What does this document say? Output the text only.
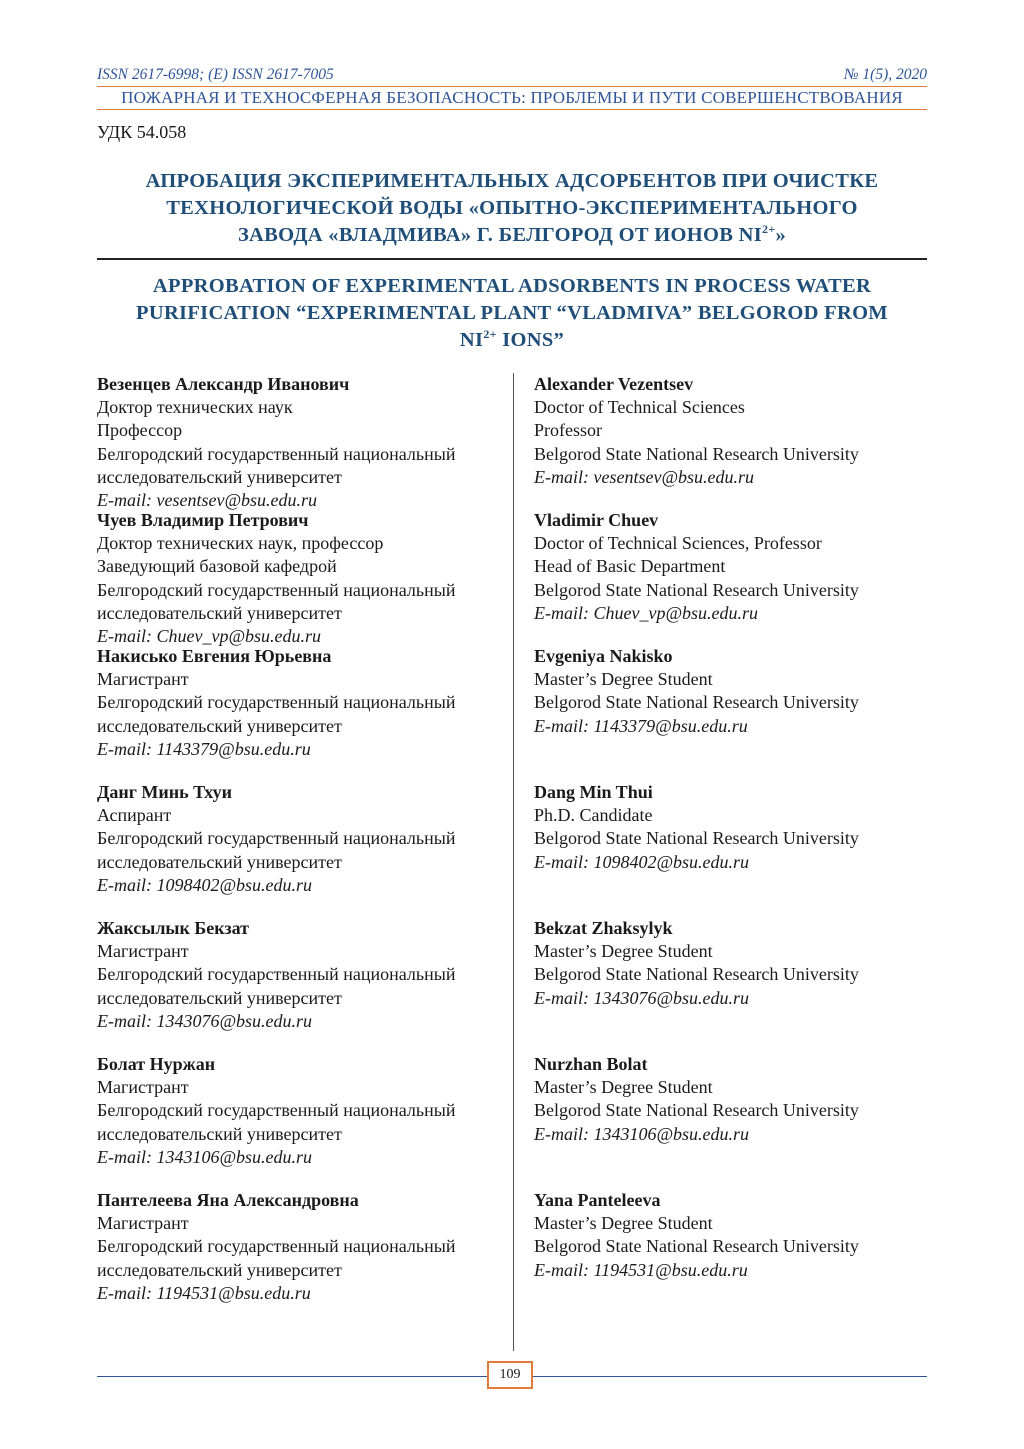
ISSN 2617-6998; (E) ISSN 2617-7005	№ 1(5), 2020
ПОЖАРНАЯ И ТЕХНОСФЕРНАЯ БЕЗОПАСНОСТЬ: ПРОБЛЕМЫ И ПУТИ СОВЕРШЕНСТВОВАНИЯ
УДК 54.058
АПРОБАЦИЯ ЭКСПЕРИМЕНТАЛЬНЫХ АДСОРБЕНТОВ ПРИ ОЧИСТКЕ
ТЕХНОЛОГИЧЕСКОЙ ВОДЫ «ОПЫТНО-ЭКСПЕРИМЕНТАЛЬНОГО
ЗАВОДА «ВЛАДМИВА» Г. БЕЛГОРОД ОТ ИОНОВ $NI^{2+}$»
APPROBATION OF EXPERIMENTAL ADSORBENTS IN PROCESS WATER
PURIFICATION “EXPERIMENTAL PLANT “VLADMIVA” BELGOROD FROM
$NI^{2+}$ IONS”
Везенцев Александр Иванович
Доктор технических наук
Профессор
Белгородский государственный национальный
исследовательский университет
E-mail: vesentsev@bsu.edu.ru
Чуев Владимир Петрович
Доктор технических наук, профессор
Заведующий базовой кафедрой
Белгородский государственный национальный
исследовательский университет
E-mail: Chuev_vp@bsu.edu.ru
Накисько Евгения Юрьевна
Магистрант
Белгородский государственный национальный
исследовательский университет
E-mail: 1143379@bsu.edu.ru
Данг Минь Тхуи
Аспирант
Белгородский государственный национальный
исследовательский университет
E-mail: 1098402@bsu.edu.ru
Жаксылык Бекзат
Магистрант
Белгородский государственный национальный
исследовательский университет
E-mail: 1343076@bsu.edu.ru
Болат Нуржан
Магистрант
Белгородский государственный национальный
исследовательский университет
E-mail: 1343106@bsu.edu.ru
Пантелеева Яна Александровна
Магистрант
Белгородский государственный национальный
исследовательский университет
E-mail: 1194531@bsu.edu.ru
Alexander Vezentsev
Doctor of Technical Sciences
Professor
Belgorod State National Research University
E-mail: vesentsev@bsu.edu.ru
Vladimir Chuev
Doctor of Technical Sciences, Professor
Head of Basic Department
Belgorod State National Research University
E-mail: Chuev_vp@bsu.edu.ru
Evgeniya Nakisko
Master’s Degree Student
Belgorod State National Research University
E-mail: 1143379@bsu.edu.ru
Dang Min Thui
Ph.D. Candidate
Belgorod State National Research University
E-mail: 1098402@bsu.edu.ru
Bekzat Zhaksylyk
Master’s Degree Student
Belgorod State National Research University
E-mail: 1343076@bsu.edu.ru
Nurzhan Bolat
Master’s Degree Student
Belgorod State National Research University
E-mail: 1343106@bsu.edu.ru
Yana Panteleeva
Master’s Degree Student
Belgorod State National Research University
E-mail: 1194531@bsu.edu.ru
109
